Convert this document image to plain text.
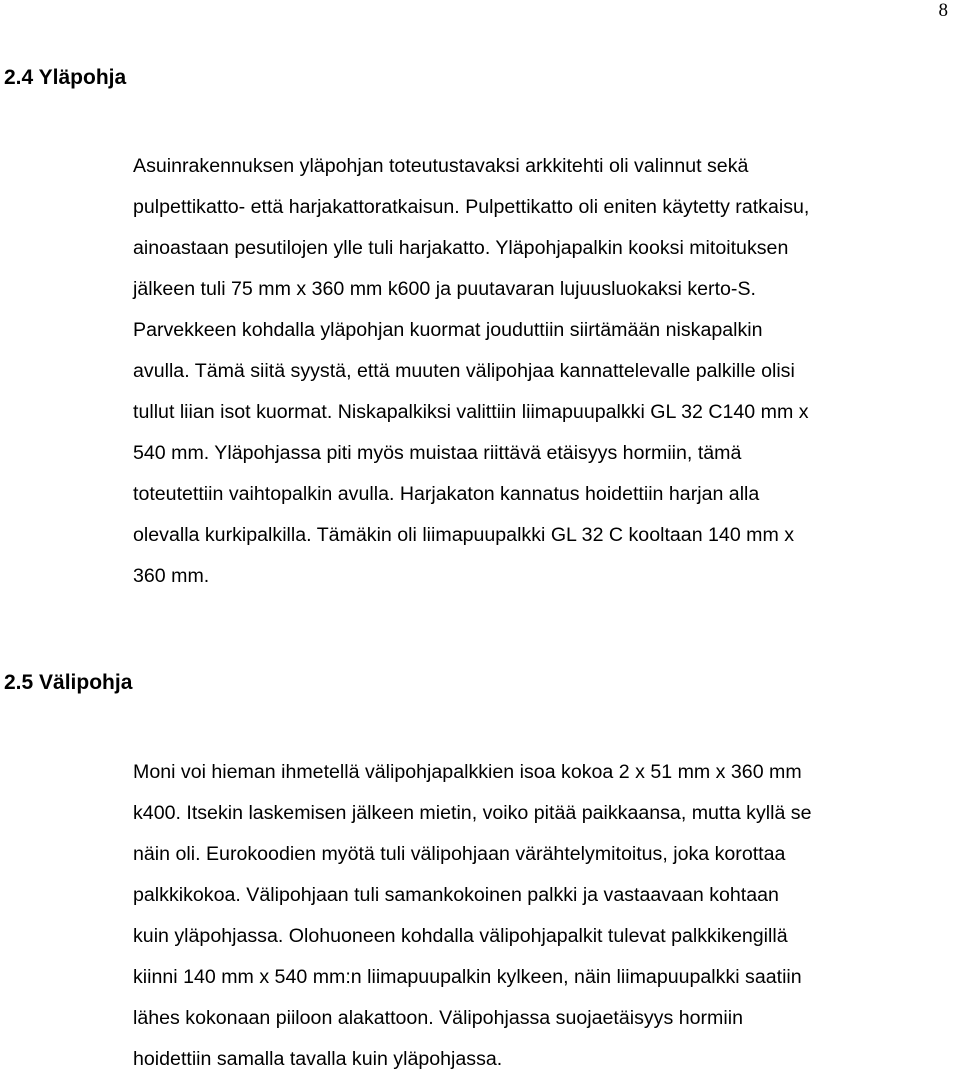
8
2.4 Yläpohja

Asuinrakennuksen yläpohjan toteutustavaksi arkkitehti oli valinnut sekä
pulpettikatto- että harjakattoratkaisun. Pulpettikatto oli eniten käytetty ratkaisu,
ainoastaan pesutilojen ylle tuli harjakatto. Yläpohjapalkin kooksi mitoituksen
jälkeen tuli 75 mm x 360 mm k600 ja puutavaran lujuusluokaksi kerto-S.
Parvekkeen kohdalla yläpohjan kuormat jouduttiin siirtämään niskapalkin
avulla. Tämä siitä syystä, että muuten välipohjaa kannattelevalle palkille olisi
tullut liian isot kuormat. Niskapalkiksi valittiin liimapuupalkki GL 32 C140 mm x
540 mm. Yläpohjassa piti myös muistaa riittävä etäisyys hormiin, tämä
toteutettiin vaihtopalkin avulla. Harjakaton kannatus hoidettiin harjan alla
olevalla kurkipalkilla. Tämäkin oli liimapuupalkki GL 32 C kooltaan 140 mm x
360 mm.

2.5 Välipohja

Moni voi hieman ihmetellä välipohjapalkkien isoa kokoa 2 x 51 mm x 360 mm
k400. Itsekin laskemisen jälkeen mietin, voiko pitää paikkaansa, mutta kyllä se
näin oli. Eurokoodien myötä tuli välipohjaan värähtelymitoitus, joka korottaa
palkkikokoa. Välipohjaan tuli samankokoinen palkki ja vastaavaan kohtaan
kuin yläpohjassa. Olohuoneen kohdalla välipohjapalkit tulevat palkkikengillä
kiinni 140 mm x 540 mm:n liimapuupalkin kylkeen, näin liimapuupalkki saatiin
lähes kokonaan piiloon alakattoon. Välipohjassa suojaetäisyys hormiin
hoidettiin samalla tavalla kuin yläpohjassa.
